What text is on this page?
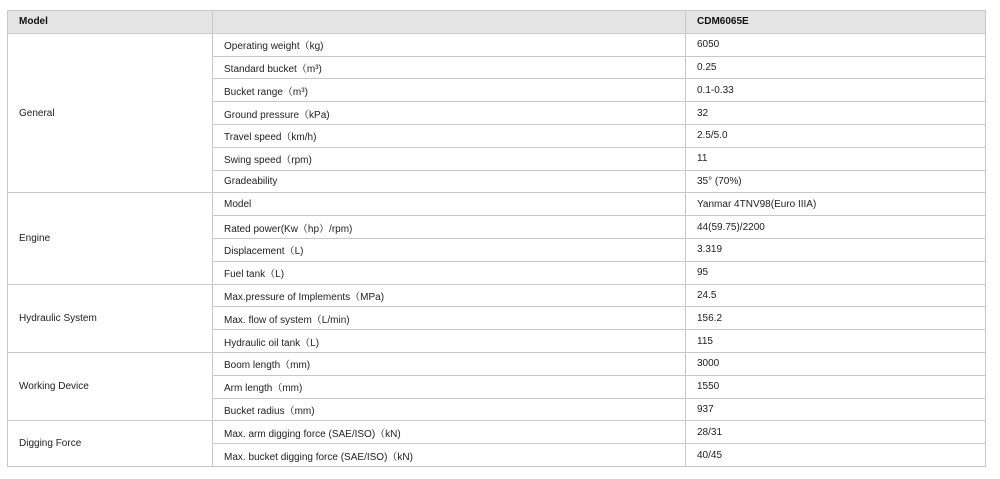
Model		CDM6065E
General	Operating weight（kg)	6050
	Standard bucket（m³)	0.25
	Bucket range（m³)	0.1-0.33
	Ground pressure（kPa)	32
	Travel speed（km/h)	2.5/5.0
	Swing speed（rpm)	11
	Gradeability	35° (70%)
Engine	Model	Yanmar 4TNV98(Euro IIIA)
	Rated power(Kw（hp）/rpm)	44(59.75)/2200
	Displacement（L)	3.319
	Fuel tank（L)	95
Hydraulic System	Max.pressure of Implements（MPa)	24.5
	Max. flow of system（L/min)	156.2
	Hydraulic oil tank（L)	115
Working Device	Boom length（mm)	3000
	Arm length（mm)	1550
	Bucket radius（mm)	937
Digging Force	Max. arm digging force (SAE/ISO)（kN)	28/31
	Max. bucket digging force (SAE/ISO)（kN)	40/45
